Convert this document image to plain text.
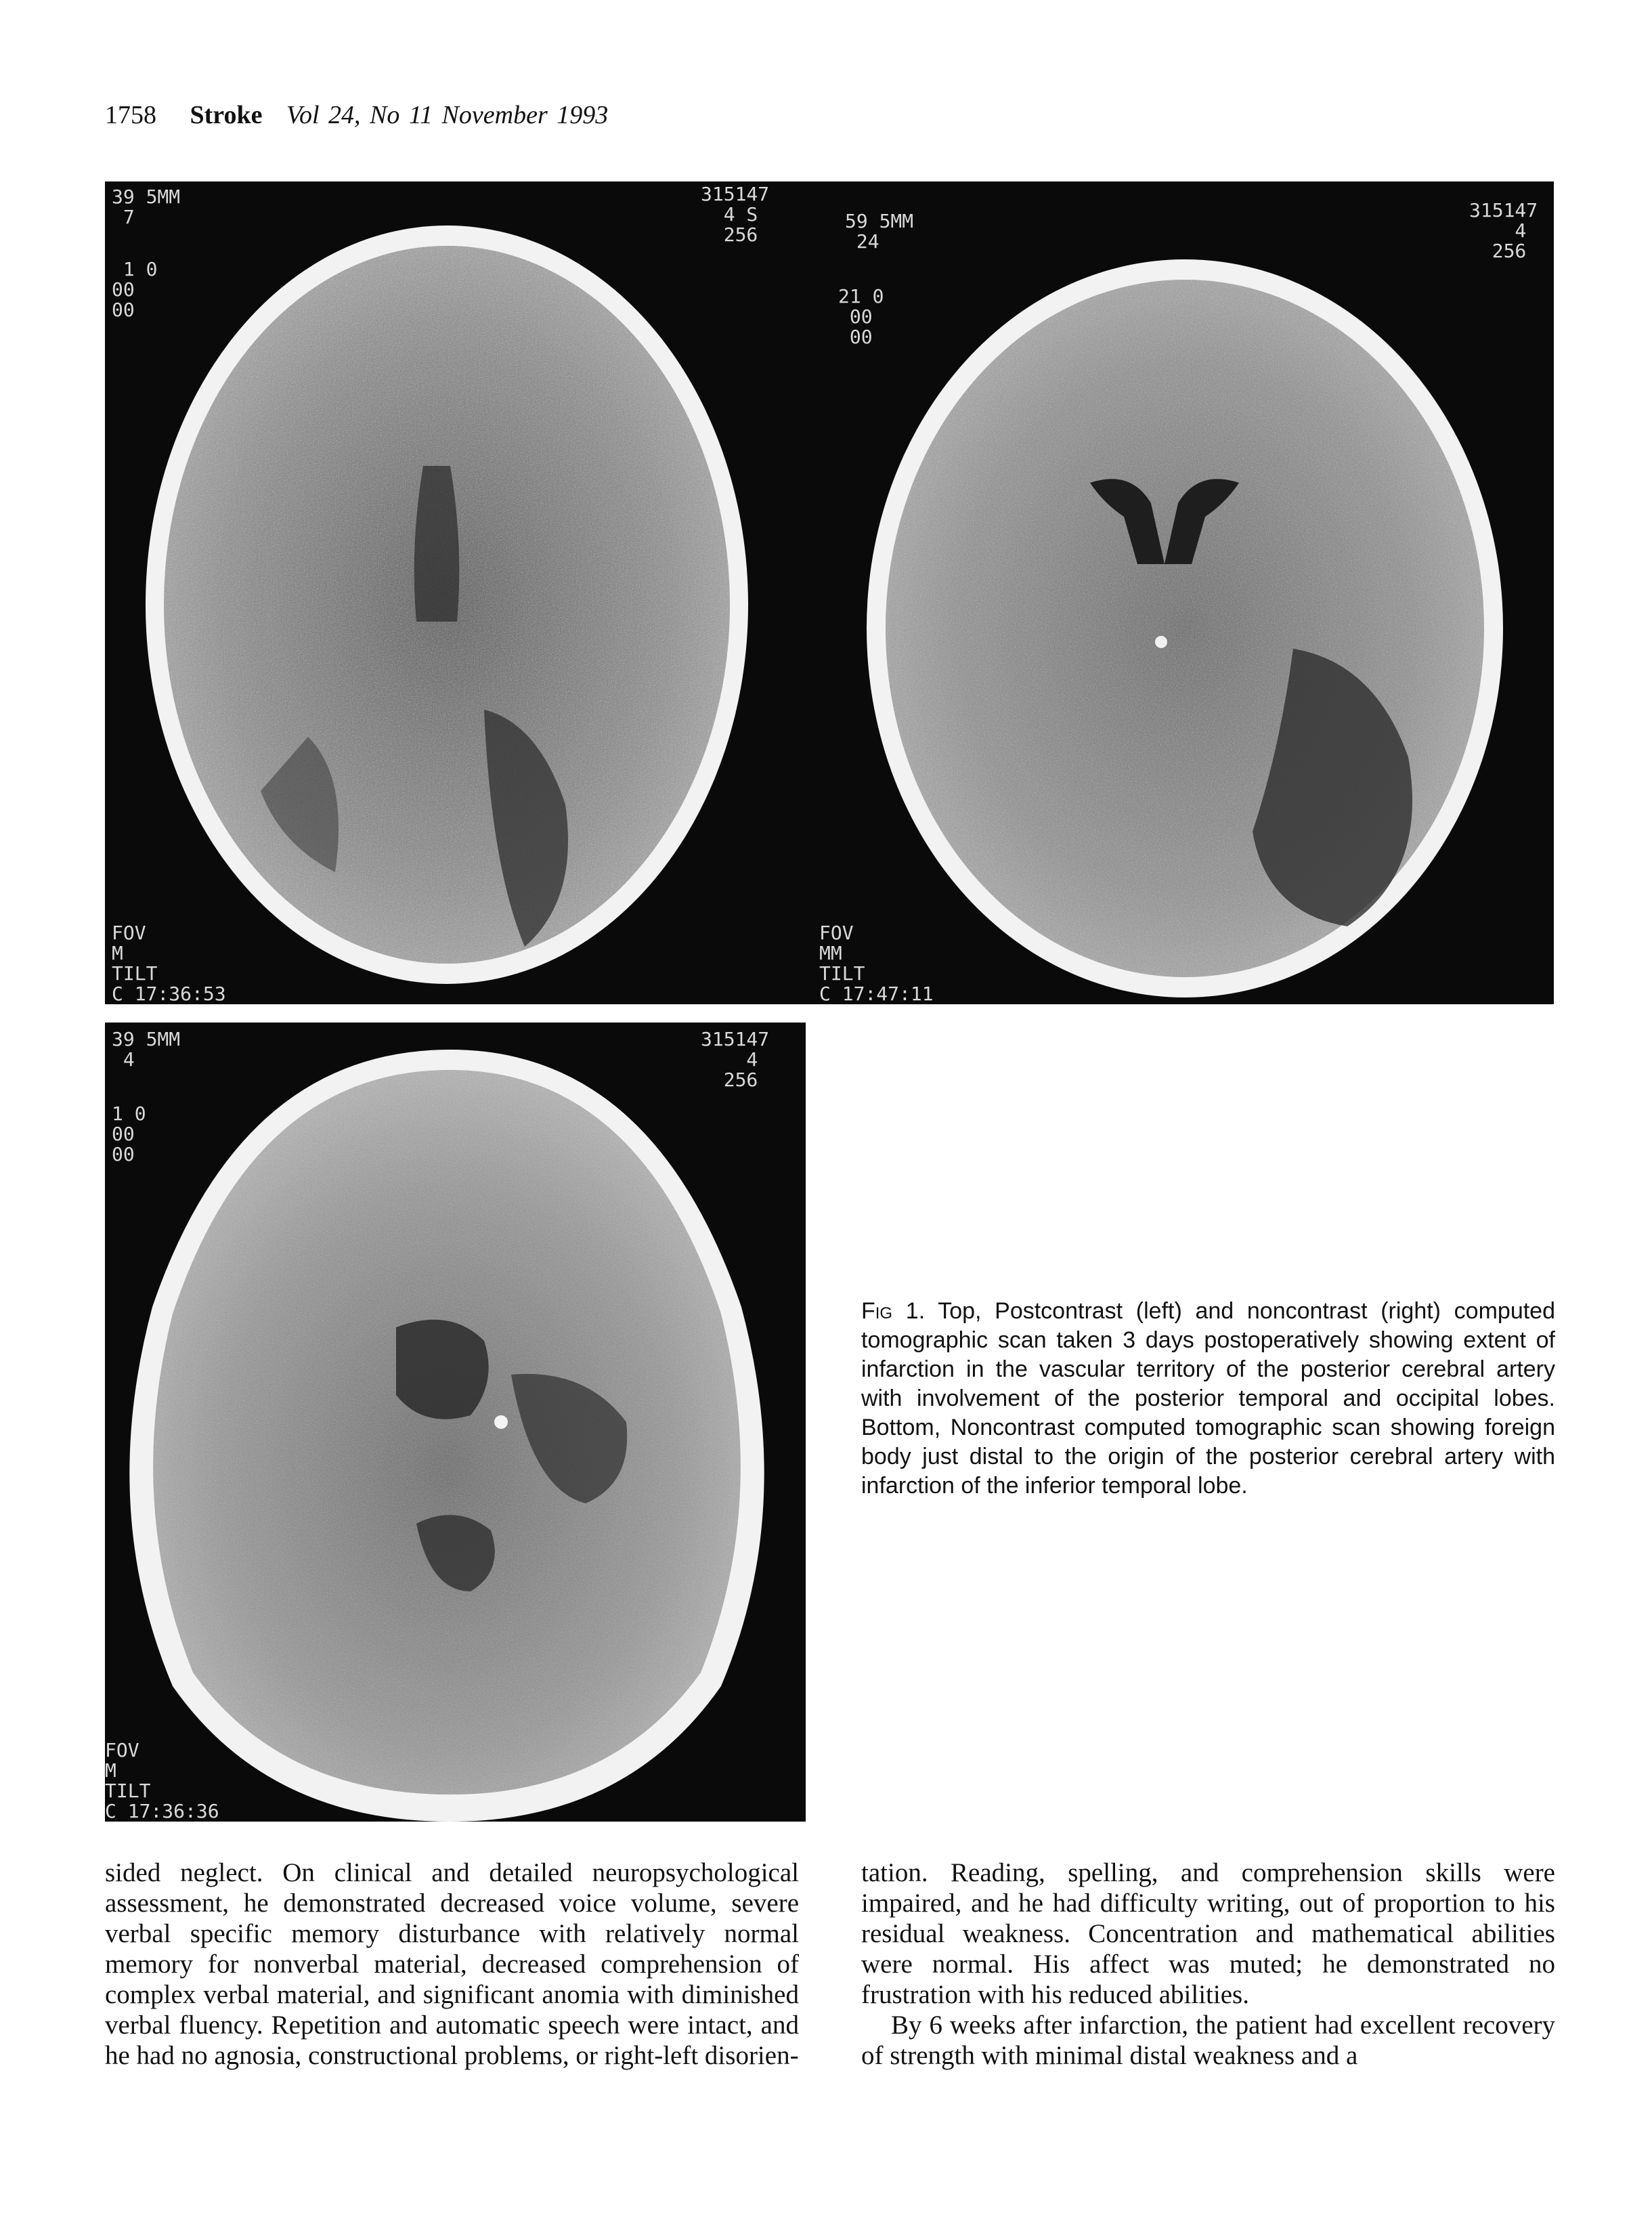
1758 Stroke Vol 24, No 11 November 1993
39 5MM
7
1 0
00
00
315147
4 S
256
FOV
M
TILT
C 17:36:53
59 5MM
24
21 0
00
00
315147
4
256
FOV
MM
TILT
C 17:47:11
39 5MM
4
1 0
00
00
315147
4
256
FOV
M
TILT
C 17:36:36
Fig 1. Top, Postcontrast (left) and noncontrast (right) computed tomographic scan taken 3 days postoperatively showing extent of infarction in the vascular territory of the posterior cerebral artery with involvement of the posterior temporal and occipital lobes. Bottom, Noncontrast computed tomographic scan showing foreign body just distal to the origin of the posterior cerebral artery with infarction of the inferior temporal lobe.

sided neglect. On clinical and detailed neuropsychological assessment, he demonstrated decreased voice volume, severe verbal specific memory disturbance with relatively normal memory for nonverbal material, decreased comprehension of complex verbal material, and significant anomia with diminished verbal fluency. Repetition and automatic speech were intact, and he had no agnosia, constructional problems, or right-left disorien-

tation. Reading, spelling, and comprehension skills were impaired, and he had difficulty writing, out of proportion to his residual weakness. Concentration and mathematical abilities were normal. His affect was muted; he demonstrated no frustration with his reduced abilities.

By 6 weeks after infarction, the patient had excellent recovery of strength with minimal distal weakness and a
